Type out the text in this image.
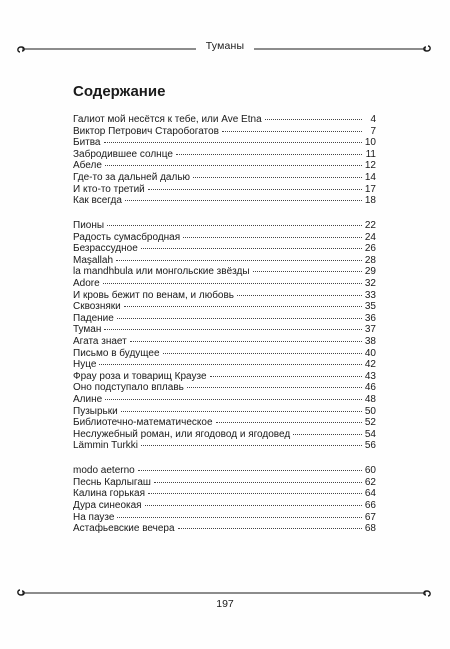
Туманы
Содержание
Галиот мой несётся к тебе, или Ave Etna	4
Виктор Петрович Старобогатов	7
Битва	10
Забродившее солнце	11
Абеле	12
Где-то за дальней далью	14
И кто-то третий	17
Как всегда	18
Пионы	22
Радость сумасбродная	24
Безрассудное	26
Maşallah	28
la mandhbula или монгольские звёзды	29
Adore	32
И кровь бежит по венам, и любовь	33
Сквозняки	35
Падение	36
Туман	37
Агата знает	38
Письмо в будущее	40
Нуце	42
Фрау роза и товарищ Краузе	43
Оно подступало вплавь	46
Алине	48
Пузырьки	50
Библиотечно-математическое	52
Неслужебный роман, или ягодовод и ягодовед	54
Lämmin Turkki	56
modo aeterno	60
Песнь Карлыгаш	62
Калина горькая	64
Дура синеокая	66
На паузе	67
Астафьевские вечера	68
197
